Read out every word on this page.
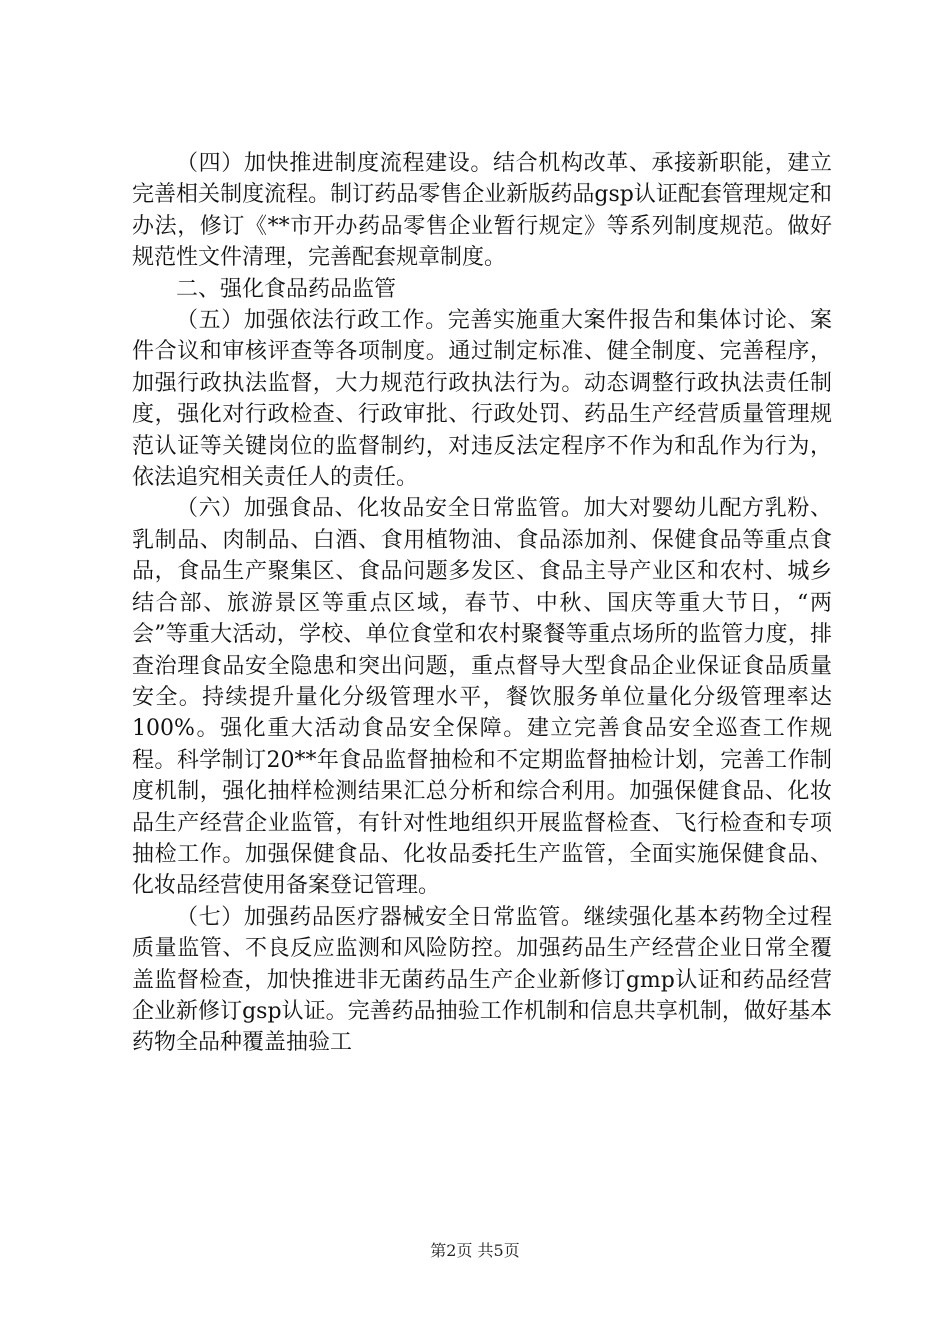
（四）加快推进制度流程建设。结合机构改革、承接新职能，建立完善相关制度流程。制订药品零售企业新版药品gsp认证配套管理规定和办法，修订《**市开办药品零售企业暂行规定》等系列制度规范。做好规范性文件清理，完善配套规章制度。

二、强化食品药品监管

（五）加强依法行政工作。完善实施重大案件报告和集体讨论、案件合议和审核评查等各项制度。通过制定标准、健全制度、完善程序，加强行政执法监督，大力规范行政执法行为。动态调整行政执法责任制度，强化对行政检查、行政审批、行政处罚、药品生产经营质量管理规范认证等关键岗位的监督制约，对违反法定程序不作为和乱作为行为，依法追究相关责任人的责任。

（六）加强食品、化妆品安全日常监管。加大对婴幼儿配方乳粉、乳制品、肉制品、白酒、食用植物油、食品添加剂、保健食品等重点食品，食品生产聚集区、食品问题多发区、食品主导产业区和农村、城乡结合部、旅游景区等重点区域，春节、中秋、国庆等重大节日，“两会”等重大活动，学校、单位食堂和农村聚餐等重点场所的监管力度，排查治理食品安全隐患和突出问题，重点督导大型食品企业保证食品质量安全。持续提升量化分级管理水平，餐饮服务单位量化分级管理率达100%。强化重大活动食品安全保障。建立完善食品安全巡查工作规程。科学制订20**年食品监督抽检和不定期监督抽检计划，完善工作制度机制，强化抽样检测结果汇总分析和综合利用。加强保健食品、化妆品生产经营企业监管，有针对性地组织开展监督检查、飞行检查和专项抽检工作。加强保健食品、化妆品委托生产监管，全面实施保健食品、化妆品经营使用备案登记管理。

（七）加强药品医疗器械安全日常监管。继续强化基本药物全过程质量监管、不良反应监测和风险防控。加强药品生产经营企业日常全覆盖监督检查，加快推进非无菌药品生产企业新修订gmp认证和药品经营企业新修订gsp认证。完善药品抽验工作机制和信息共享机制，做好基本药物全品种覆盖抽验工

第2页 共5页
